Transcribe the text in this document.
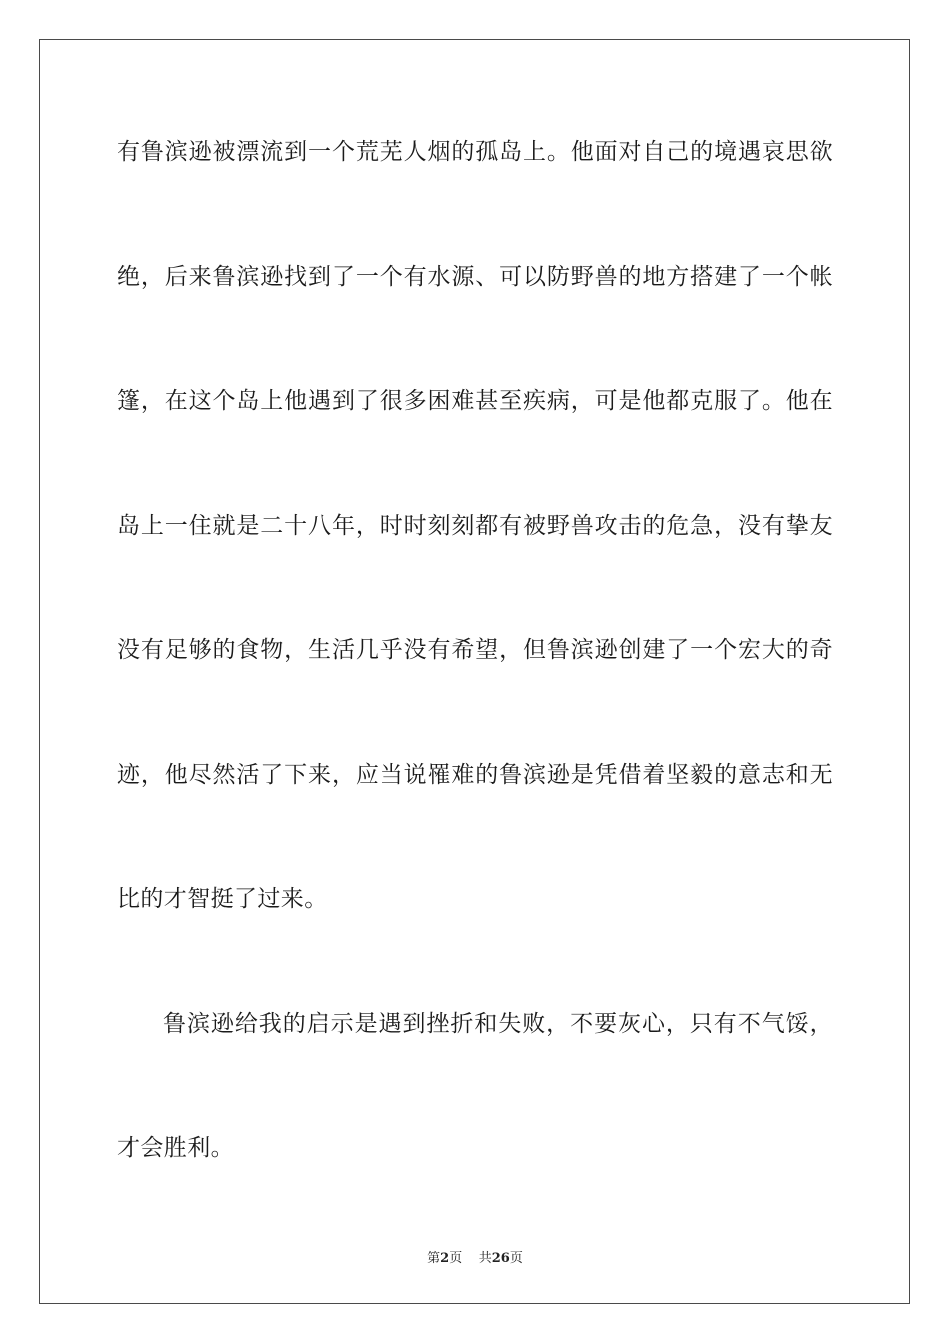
有鲁滨逊被漂流到一个荒芜人烟的孤岛上。他面对自己的境遇哀思欲
绝，后来鲁滨逊找到了一个有水源、可以防野兽的地方搭建了一个帐
篷，在这个岛上他遇到了很多困难甚至疾病，可是他都克服了。他在
岛上一住就是二十八年，时时刻刻都有被野兽攻击的危急，没有挚友
没有足够的食物，生活几乎没有希望，但鲁滨逊创建了一个宏大的奇
迹，他尽然活了下来，应当说罹难的鲁滨逊是凭借着坚毅的意志和无
比的才智挺了过来。
鲁滨逊给我的启示是遇到挫折和失败，不要灰心，只有不气馁，
才会胜利。
第2页 共26页
